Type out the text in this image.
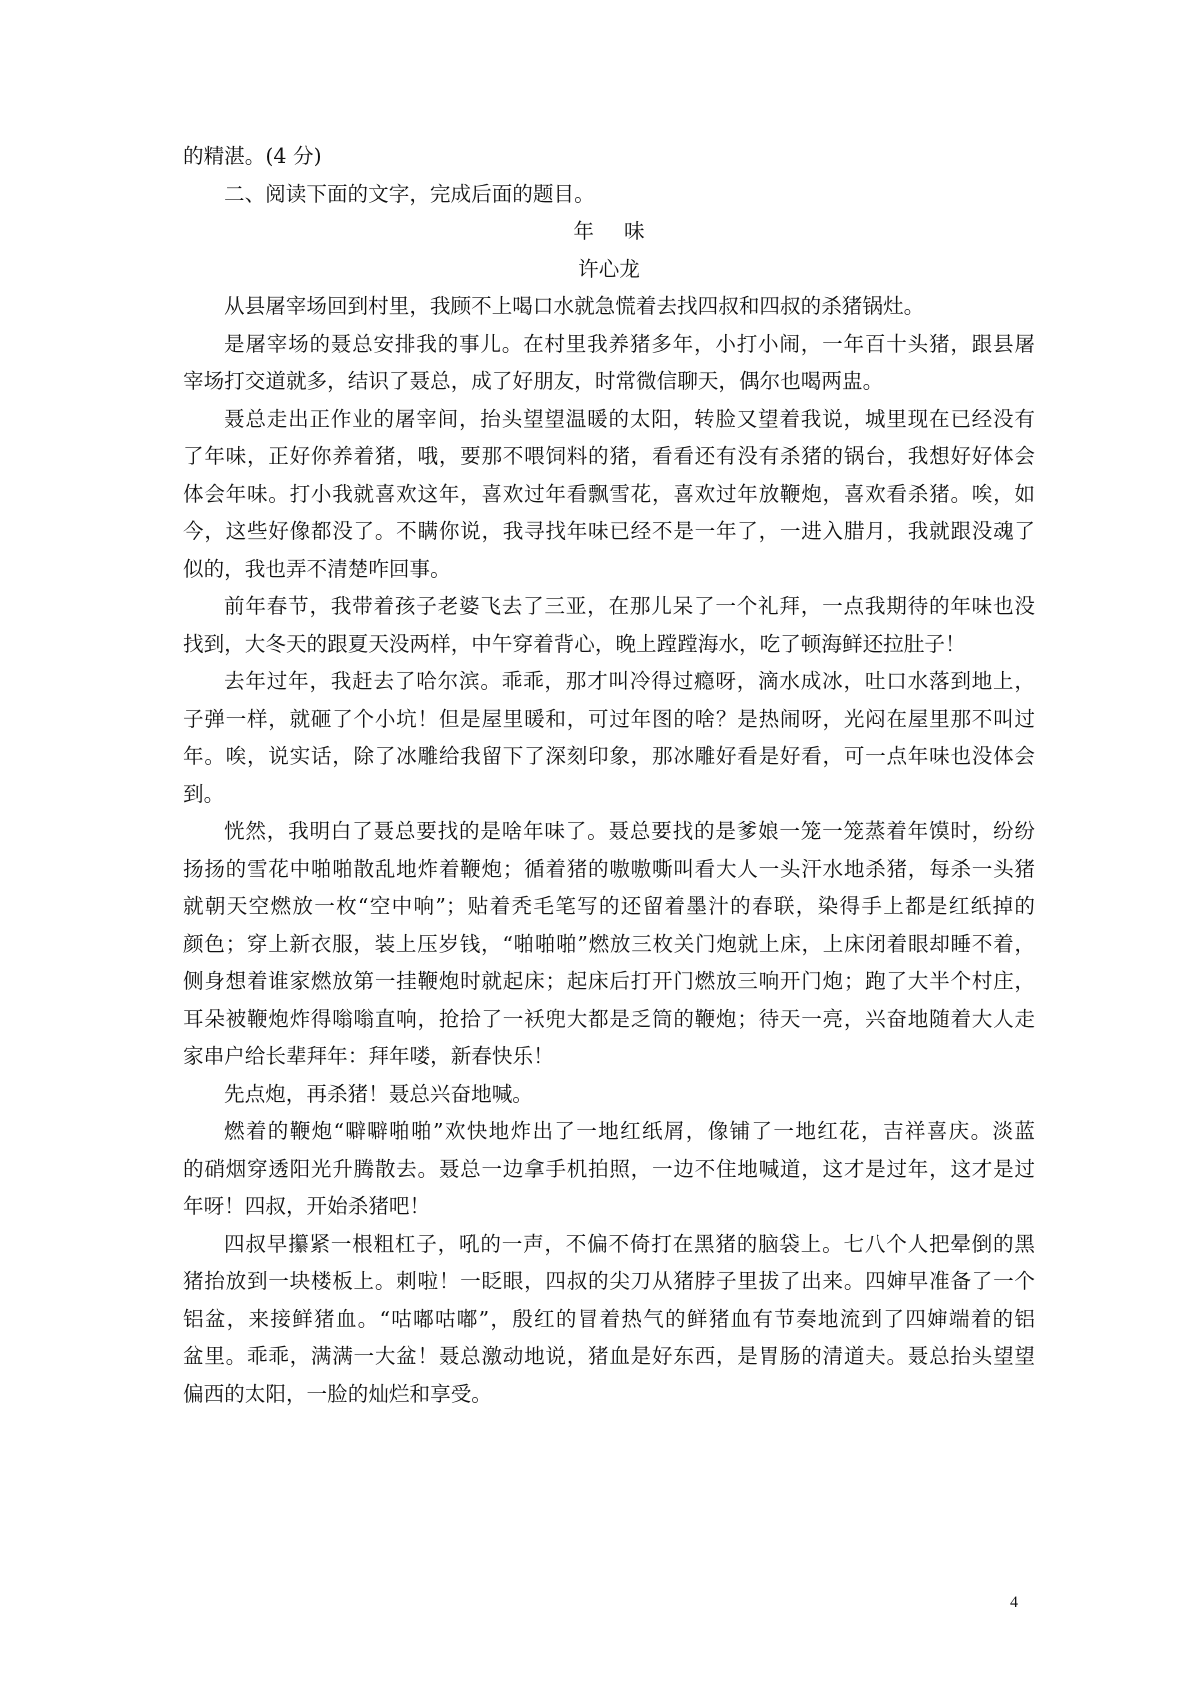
的精湛。(4 分)
二、阅读下面的文字，完成后面的题目。
年味
许心龙
从县屠宰场回到村里，我顾不上喝口水就急慌着去找四叔和四叔的杀猪锅灶。
是屠宰场的聂总安排我的事儿。在村里我养猪多年，小打小闹，一年百十头猪，跟县屠
宰场打交道就多，结识了聂总，成了好朋友，时常微信聊天，偶尔也喝两盅。
聂总走出正作业的屠宰间，抬头望望温暖的太阳，转脸又望着我说，城里现在已经没有
了年味，正好你养着猪，哦，要那不喂饲料的猪，看看还有没有杀猪的锅台，我想好好体会
体会年味。打小我就喜欢这年，喜欢过年看飘雪花，喜欢过年放鞭炮，喜欢看杀猪。唉，如
今，这些好像都没了。不瞒你说，我寻找年味已经不是一年了，一进入腊月，我就跟没魂了
似的，我也弄不清楚咋回事。
前年春节，我带着孩子老婆飞去了三亚，在那儿呆了一个礼拜，一点我期待的年味也没
找到，大冬天的跟夏天没两样，中午穿着背心，晚上蹚蹚海水，吃了顿海鲜还拉肚子！
去年过年，我赶去了哈尔滨。乖乖，那才叫冷得过瘾呀，滴水成冰，吐口水落到地上，
子弹一样，就砸了个小坑！但是屋里暖和，可过年图的啥？是热闹呀，光闷在屋里那不叫过
年。唉，说实话，除了冰雕给我留下了深刻印象，那冰雕好看是好看，可一点年味也没体会
到。
恍然，我明白了聂总要找的是啥年味了。聂总要找的是爹娘一笼一笼蒸着年馍时，纷纷
扬扬的雪花中啪啪散乱地炸着鞭炮；循着猪的嗷嗷嘶叫看大人一头汗水地杀猪，每杀一头猪
就朝天空燃放一枚“空中响”；贴着秃毛笔写的还留着墨汁的春联，染得手上都是红纸掉的
颜色；穿上新衣服，装上压岁钱，“啪啪啪”燃放三枚关门炮就上床，上床闭着眼却睡不着，
侧身想着谁家燃放第一挂鞭炮时就起床；起床后打开门燃放三响开门炮；跑了大半个村庄，
耳朵被鞭炮炸得嗡嗡直响，抢拾了一袄兜大都是乏筒的鞭炮；待天一亮，兴奋地随着大人走
家串户给长辈拜年：拜年喽，新春快乐！
先点炮，再杀猪！聂总兴奋地喊。
燃着的鞭炮“噼噼啪啪”欢快地炸出了一地红纸屑，像铺了一地红花，吉祥喜庆。淡蓝
的硝烟穿透阳光升腾散去。聂总一边拿手机拍照，一边不住地喊道，这才是过年，这才是过
年呀！四叔，开始杀猪吧！
四叔早攥紧一根粗杠子，吼的一声，不偏不倚打在黑猪的脑袋上。七八个人把晕倒的黑
猪抬放到一块楼板上。刺啦！一眨眼，四叔的尖刀从猪脖子里拔了出来。四婶早准备了一个
铝盆，来接鲜猪血。“咕嘟咕嘟”，殷红的冒着热气的鲜猪血有节奏地流到了四婶端着的铝
盆里。乖乖，满满一大盆！聂总激动地说，猪血是好东西，是胃肠的清道夫。聂总抬头望望
偏西的太阳，一脸的灿烂和享受。
4
